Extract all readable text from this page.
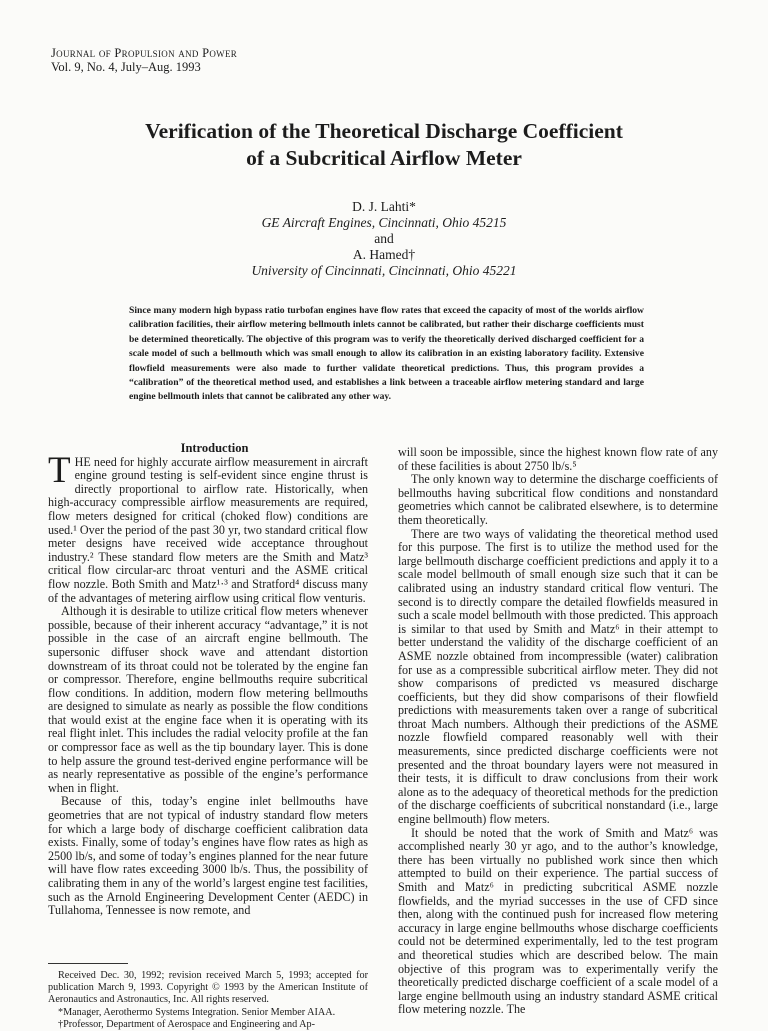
Journal of Propulsion and Power
Vol. 9, No. 4, July–Aug. 1993
Verification of the Theoretical Discharge Coefficient
of a Subcritical Airflow Meter
D. J. Lahti*
GE Aircraft Engines, Cincinnati, Ohio 45215
and
A. Hamed†
University of Cincinnati, Cincinnati, Ohio 45221
Since many modern high bypass ratio turbofan engines have flow rates that exceed the capacity of most of the worlds airflow calibration facilities, their airflow metering bellmouth inlets cannot be calibrated, but rather their discharge coefficients must be determined theoretically. The objective of this program was to verify the theoretically derived discharged coefficient for a scale model of such a bellmouth which was small enough to allow its calibration in an existing laboratory facility. Extensive flowfield measurements were also made to further validate theoretical predictions. Thus, this program provides a “calibration” of the theoretical method used, and establishes a link between a traceable airflow metering standard and large engine bellmouth inlets that cannot be calibrated any other way.

Introduction

THE need for highly accurate airflow measurement in aircraft engine ground testing is self-evident since engine thrust is directly proportional to airflow rate. Historically, when high-accuracy compressible airflow measurements are required, flow meters designed for critical (choked flow) conditions are used.¹ Over the period of the past 30 yr, two standard critical flow meter designs have received wide acceptance throughout industry.² These standard flow meters are the Smith and Matz³ critical flow circular-arc throat venturi and the ASME critical flow nozzle. Both Smith and Matz¹·³ and Stratford⁴ discuss many of the advantages of metering airflow using critical flow venturis.

Although it is desirable to utilize critical flow meters whenever possible, because of their inherent accuracy “advantage,” it is not possible in the case of an aircraft engine bellmouth. The supersonic diffuser shock wave and attendant distortion downstream of its throat could not be tolerated by the engine fan or compressor. Therefore, engine bellmouths require subcritical flow conditions. In addition, modern flow metering bellmouths are designed to simulate as nearly as possible the flow conditions that would exist at the engine face when it is operating with its real flight inlet. This includes the radial velocity profile at the fan or compressor face as well as the tip boundary layer. This is done to help assure the ground test-derived engine performance will be as nearly representative as possible of the engine’s performance when in flight.

Because of this, today’s engine inlet bellmouths have geometries that are not typical of industry standard flow meters for which a large body of discharge coefficient calibration data exists. Finally, some of today’s engines have flow rates as high as 2500 lb/s, and some of today’s engines planned for the near future will have flow rates exceeding 3000 lb/s. Thus, the possibility of calibrating them in any of the world’s largest engine test facilities, such as the Arnold Engineering Development Center (AEDC) in Tullahoma, Tennessee is now remote, and

will soon be impossible, since the highest known flow rate of any of these facilities is about 2750 lb/s.⁵

The only known way to determine the discharge coefficients of bellmouths having subcritical flow conditions and nonstandard geometries which cannot be calibrated elsewhere, is to determine them theoretically.

There are two ways of validating the theoretical method used for this purpose. The first is to utilize the method used for the large bellmouth discharge coefficient predictions and apply it to a scale model bellmouth of small enough size such that it can be calibrated using an industry standard critical flow venturi. The second is to directly compare the detailed flowfields measured in such a scale model bellmouth with those predicted. This approach is similar to that used by Smith and Matz⁶ in their attempt to better understand the validity of the discharge coefficient of an ASME nozzle obtained from incompressible (water) calibration for use as a compressible subcritical airflow meter. They did not show comparisons of predicted vs measured discharge coefficients, but they did show comparisons of their flowfield predictions with measurements taken over a range of subcritical throat Mach numbers. Although their predictions of the ASME nozzle flowfield compared reasonably well with their measurements, since predicted discharge coefficients were not presented and the throat boundary layers were not measured in their tests, it is difficult to draw conclusions from their work alone as to the adequacy of theoretical methods for the prediction of the discharge coefficients of subcritical nonstandard (i.e., large engine bellmouth) flow meters.

It should be noted that the work of Smith and Matz⁶ was accomplished nearly 30 yr ago, and to the author’s knowledge, there has been virtually no published work since then which attempted to build on their experience. The partial success of Smith and Matz⁶ in predicting subcritical ASME nozzle flowfields, and the myriad successes in the use of CFD since then, along with the continued push for increased flow metering accuracy in large engine bellmouths whose discharge coefficients could not be determined experimentally, led to the test program and theoretical studies which are described below. The main objective of this program was to experimentally verify the theoretically predicted discharge coefficient of a scale model of a large engine bellmouth using an industry standard ASME critical flow metering nozzle. The

Received Dec. 30, 1992; revision received March 5, 1993; accepted for publication March 9, 1993. Copyright © 1993 by the American Institute of Aeronautics and Astronautics, Inc. All rights reserved.

*Manager, Aerothermo Systems Integration. Senior Member AIAA.

†Professor, Department of Aerospace and Engineering and Ap-
